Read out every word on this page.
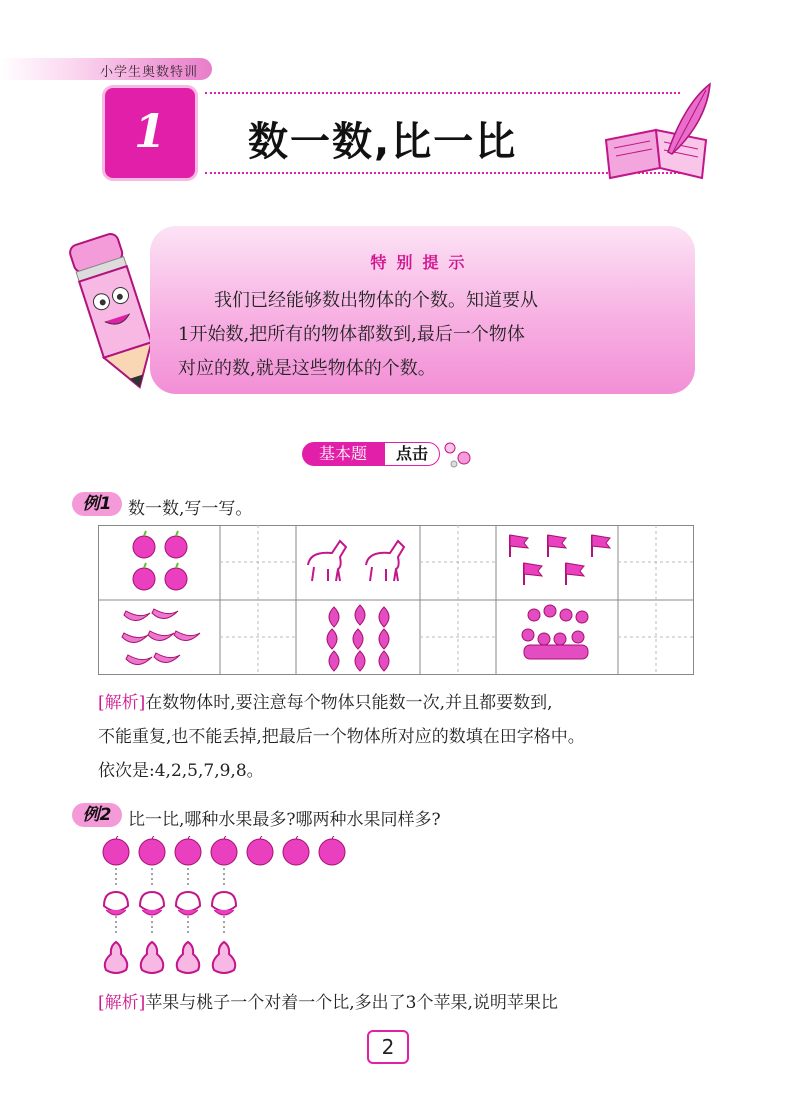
小学生奥数特训
1	数一数,比一比
特别提示
我们已经能够数出物体的个数。知道要从
1开始数,把所有的物体都数到,最后一个物体
对应的数,就是这些物体的个数。
基本题	点击
例1 数一数,写一写。
[解析]在数物体时,要注意每个物体只能数一次,并且都要数到,
不能重复,也不能丢掉,把最后一个物体所对应的数填在田字格中。
依次是:4,2,5,7,9,8。
例2 比一比,哪种水果最多?哪两种水果同样多?
[解析]苹果与桃子一个对着一个比,多出了3个苹果,说明苹果比
2
